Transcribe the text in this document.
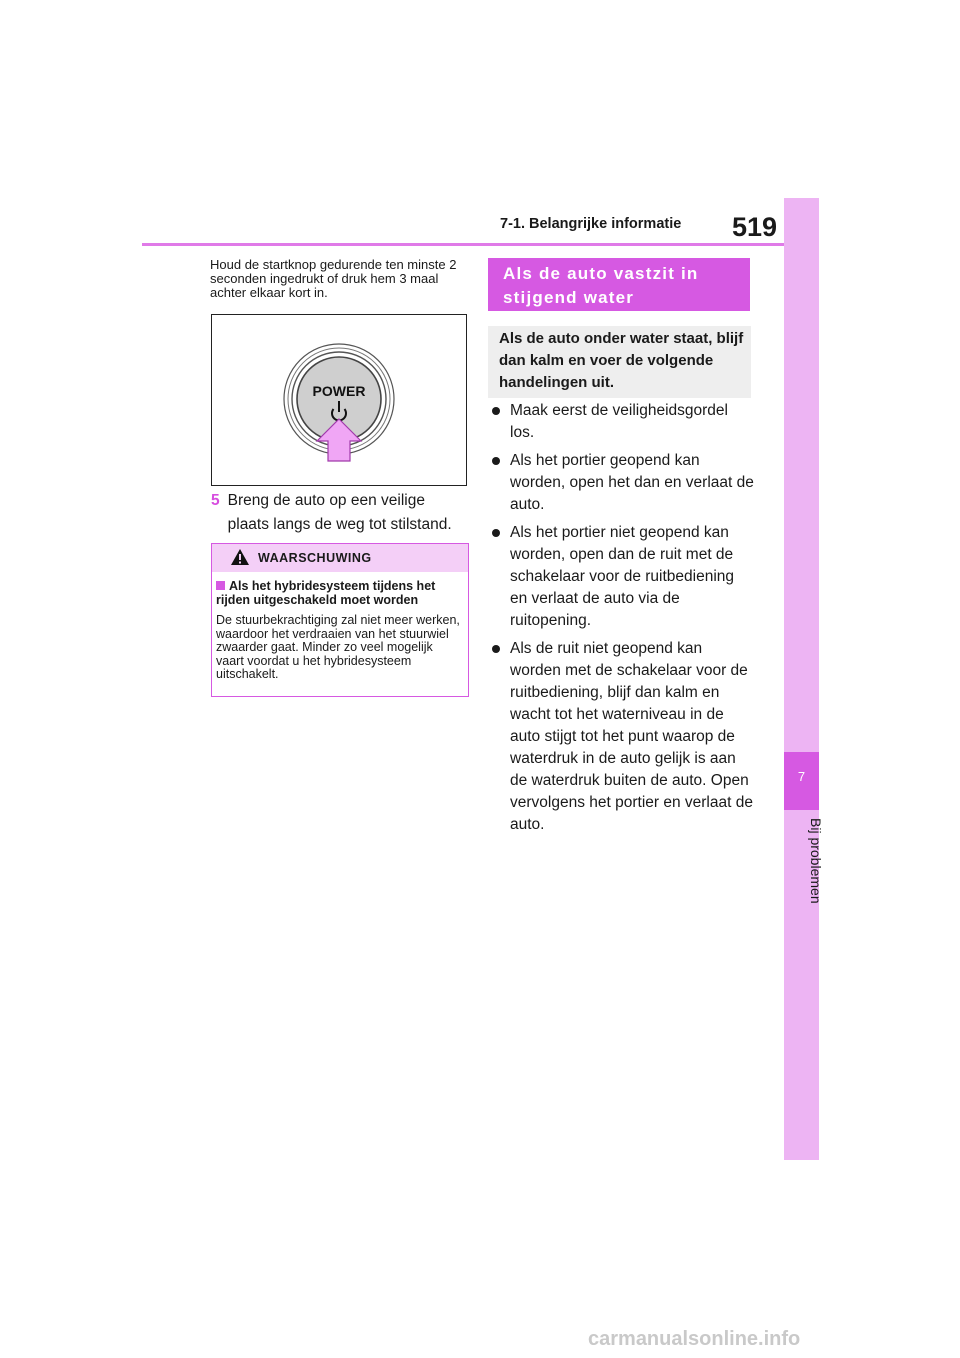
7-1. Belangrijke informatie 519
7
Bij problemen
Houd de startknop gedurende ten minste 2 seconden ingedrukt of druk hem 3 maal achter elkaar kort in.
POWER
5 Breng de auto op een veilige plaats langs de weg tot stilstand.
WAARSCHUWING
Als het hybridesysteem tijdens het rijden uitgeschakeld moet worden
De stuurbekrachtiging zal niet meer werken, waardoor het verdraaien van het stuurwiel zwaarder gaat. Minder zo veel mogelijk vaart voordat u het hybridesysteem uitschakelt.
Als de auto vastzit in stijgend water
Als de auto onder water staat, blijf dan kalm en voer de volgende handelingen uit.
Maak eerst de veiligheidsgordel los.
Als het portier geopend kan worden, open het dan en verlaat de auto.
Als het portier niet geopend kan worden, open dan de ruit met de schakelaar voor de ruitbediening en verlaat de auto via de ruitopening.
Als de ruit niet geopend kan worden met de schakelaar voor de ruitbediening, blijf dan kalm en wacht tot het waterniveau in de auto stijgt tot het punt waarop de waterdruk in de auto gelijk is aan de waterdruk buiten de auto. Open vervolgens het portier en verlaat de auto.
carmanualsonline.info
